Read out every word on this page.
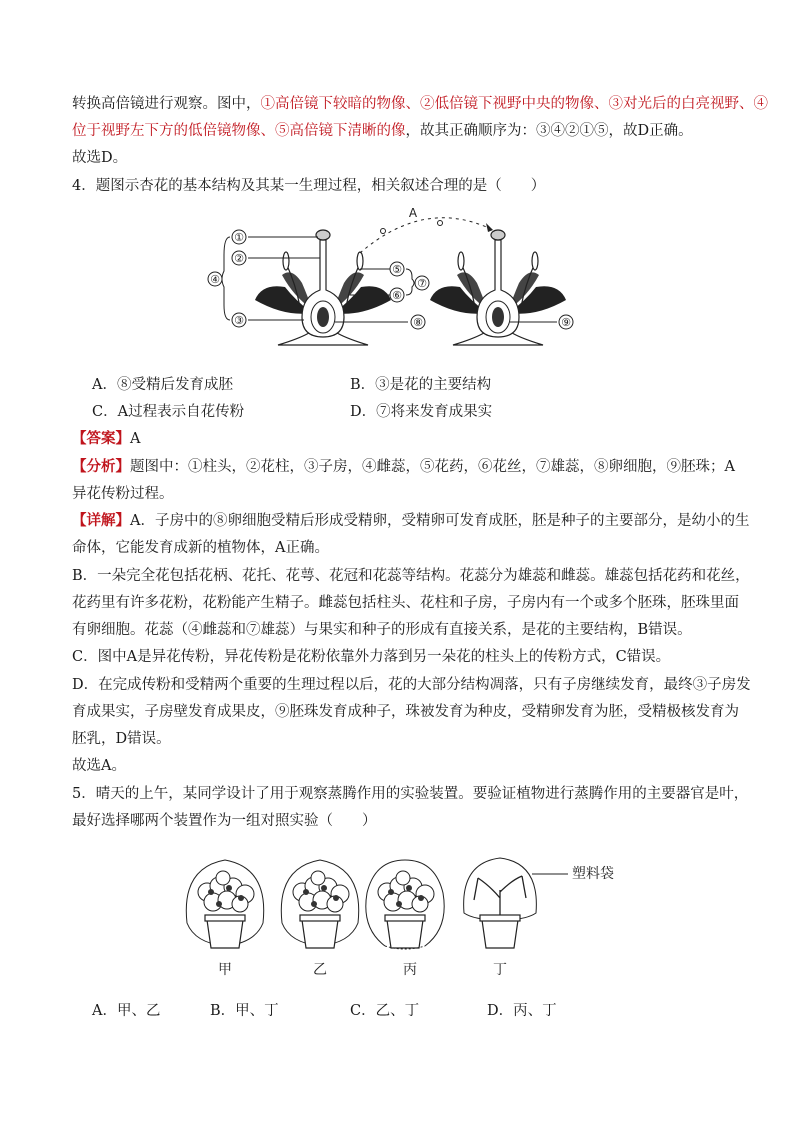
转换高倍镜进行观察。图中，①高倍镜下较暗的物像、②低倍镜下视野中央的物像、③对光后的白亮视野、④
位于视野左下方的低倍镜物像、⑤高倍镜下清晰的像，故其正确顺序为：③④②①⑤，故D正确。
故选D。
4．题图示杏花的基本结构及其某一生理过程，相关叙述合理的是（　　）
①
②
③
④
⑤
⑥
⑦
⑧
A
⑨
A．⑧受精后发育成胚	B．③是花的主要结构
C．A过程表示自花传粉	D．⑦将来发育成果实
【答案】A
【分析】题图中：①柱头，②花柱，③子房，④雌蕊，⑤花药，⑥花丝，⑦雄蕊，⑧卵细胞，⑨胚珠；A
异花传粉过程。
【详解】A．子房中的⑧卵细胞受精后形成受精卵，受精卵可发育成胚，胚是种子的主要部分，是幼小的生
命体，它能发育成新的植物体，A正确。
B．一朵完全花包括花柄、花托、花萼、花冠和花蕊等结构。花蕊分为雄蕊和雌蕊。雄蕊包括花药和花丝，
花药里有许多花粉，花粉能产生精子。雌蕊包括柱头、花柱和子房，子房内有一个或多个胚珠，胚珠里面
有卵细胞。花蕊（④雌蕊和⑦雄蕊）与果实和种子的形成有直接关系，是花的主要结构，B错误。
C．图中A是异花传粉，异花传粉是花粉依靠外力落到另一朵花的柱头上的传粉方式，C错误。
D．在完成传粉和受精两个重要的生理过程以后，花的大部分结构凋落，只有子房继续发育，最终③子房发
育成果实，子房壁发育成果皮，⑨胚珠发育成种子，珠被发育为种皮，受精卵发育为胚，受精极核发育为
胚乳，D错误。
故选A。
5．晴天的上午，某同学设计了用于观察蒸腾作用的实验装置。要验证植物进行蒸腾作用的主要器官是叶，
最好选择哪两个装置作为一组对照实验（　　）
塑料袋
甲	乙	丙	丁
A．甲、乙	B．甲、丁	C．乙、丁	D．丙、丁
